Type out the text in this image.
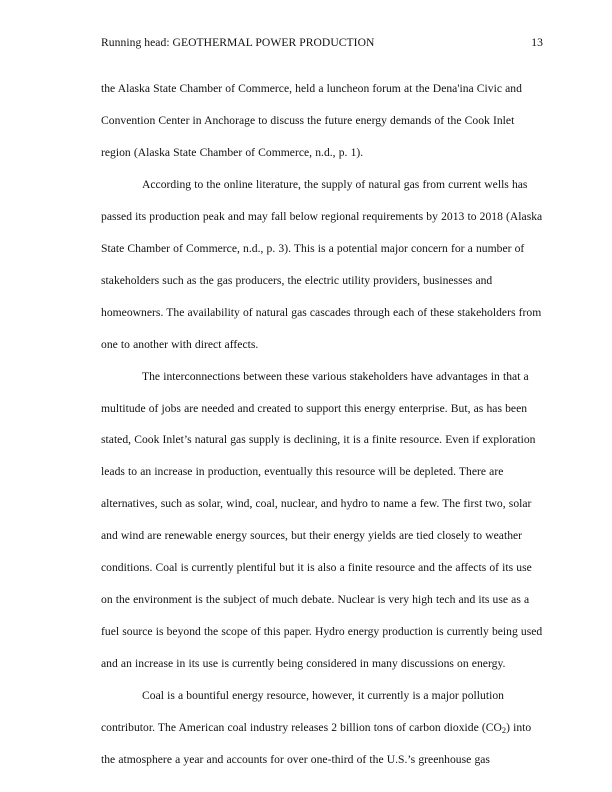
Running head: GEOTHERMAL POWER PRODUCTION	13

the Alaska State Chamber of Commerce, held a luncheon forum at the Dena'ina Civic and Convention Center in Anchorage to discuss the future energy demands of the Cook Inlet region (Alaska State Chamber of Commerce, n.d., p. 1).

According to the online literature, the supply of natural gas from current wells has passed its production peak and may fall below regional requirements by 2013 to 2018 (Alaska State Chamber of Commerce, n.d., p. 3). This is a potential major concern for a number of stakeholders such as the gas producers, the electric utility providers, businesses and homeowners. The availability of natural gas cascades through each of these stakeholders from one to another with direct affects.

The interconnections between these various stakeholders have advantages in that a multitude of jobs are needed and created to support this energy enterprise. But, as has been stated, Cook Inlet’s natural gas supply is declining, it is a finite resource. Even if exploration leads to an increase in production, eventually this resource will be depleted. There are alternatives, such as solar, wind, coal, nuclear, and hydro to name a few. The first two, solar and wind are renewable energy sources, but their energy yields are tied closely to weather conditions. Coal is currently plentiful but it is also a finite resource and the affects of its use on the environment is the subject of much debate. Nuclear is very high tech and its use as a fuel source is beyond the scope of this paper. Hydro energy production is currently being used and an increase in its use is currently being considered in many discussions on energy.

Coal is a bountiful energy resource, however, it currently is a major pollution contributor. The American coal industry releases 2 billion tons of carbon dioxide $(CO_2)$ into the atmosphere a year and accounts for over one-third of the U.S.’s greenhouse gas
